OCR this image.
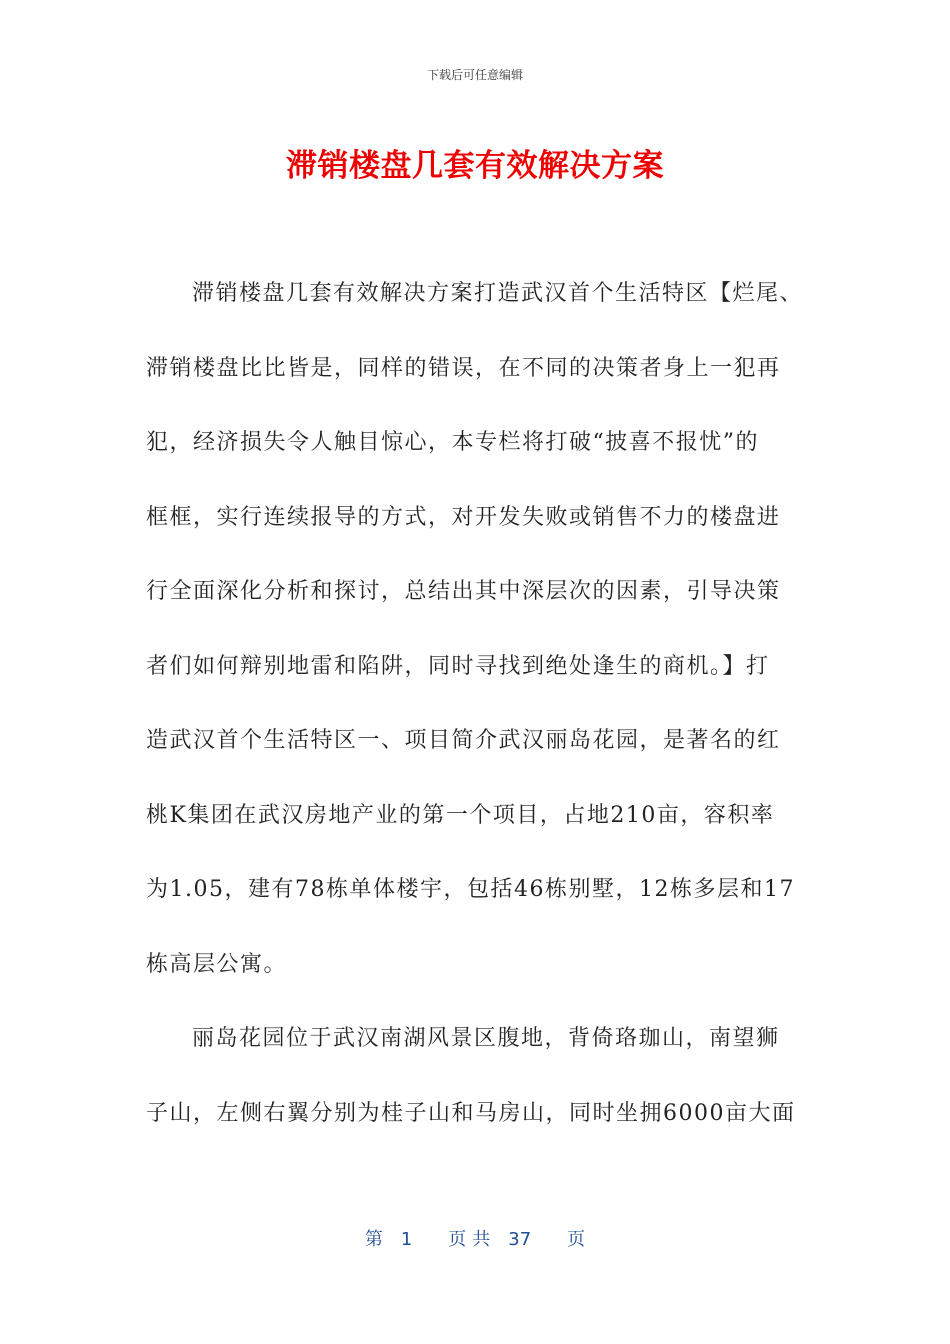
下载后可任意编辑
滞销楼盘几套有效解决方案
滞销楼盘几套有效解决方案打造武汉首个生活特区【烂尾、
滞销楼盘比比皆是，同样的错误，在不同的决策者身上一犯再
犯，经济损失令人触目惊心，本专栏将打破“披喜不报忧”的
框框，实行连续报导的方式，对开发失败或销售不力的楼盘进
行全面深化分析和探讨，总结出其中深层次的因素，引导决策
者们如何辩别地雷和陷阱，同时寻找到绝处逢生的商机。】打
造武汉首个生活特区一、项目简介武汉丽岛花园，是著名的红
桃K集团在武汉房地产业的第一个项目，占地210亩，容积率
为1.05，建有78栋单体楼宇，包括46栋别墅，12栋多层和17
栋高层公寓。
丽岛花园位于武汉南湖风景区腹地，背倚珞珈山，南望狮
子山，左侧右翼分别为桂子山和马房山，同时坐拥6000亩大面
第 1 页 共 37 页
